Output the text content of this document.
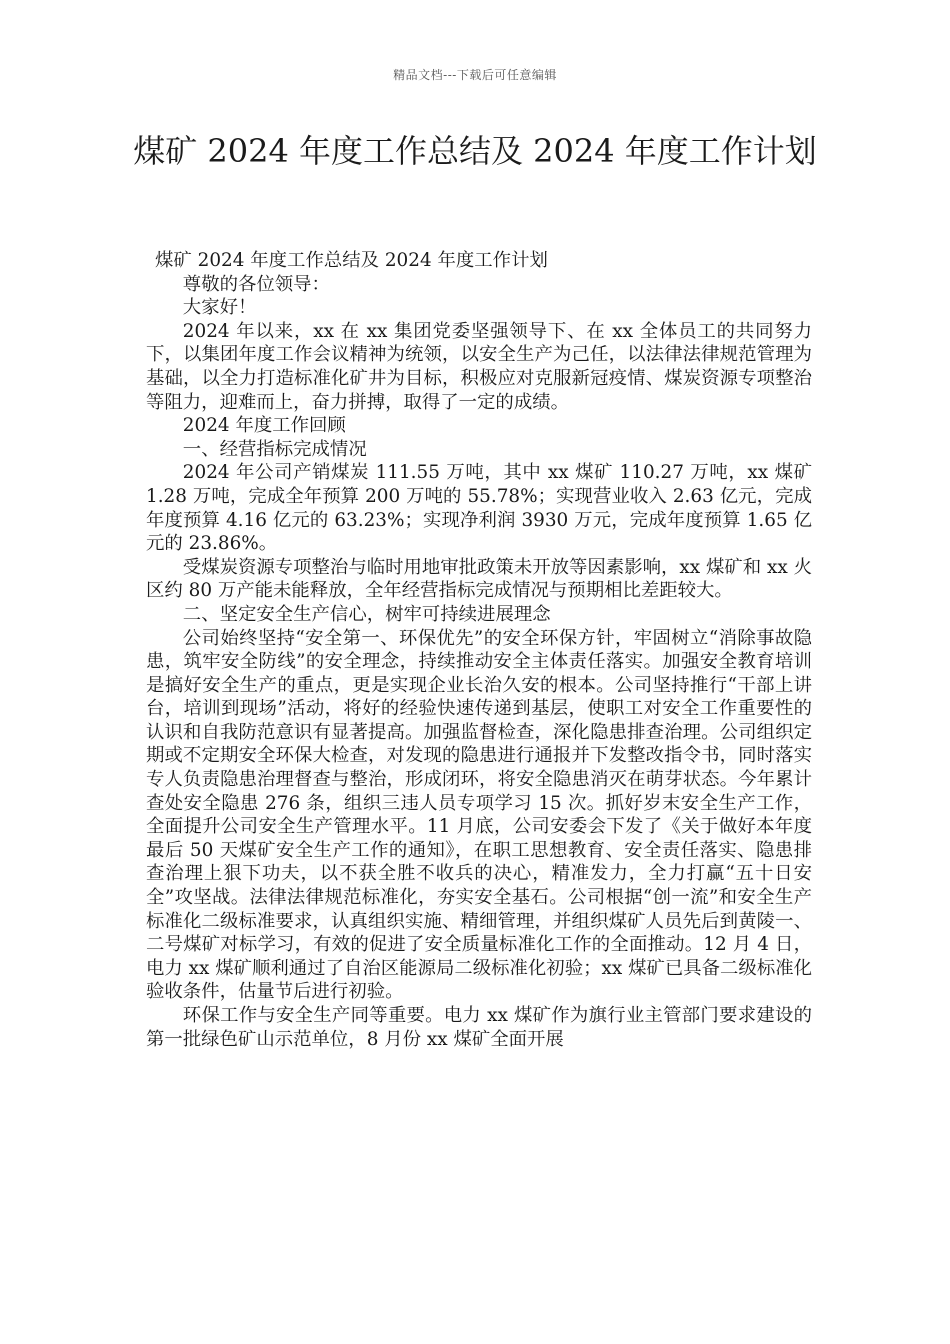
精品文档---下载后可任意编辑
煤矿 2024 年度工作总结及 2024 年度工作计划

煤矿 2024 年度工作总结及 2024 年度工作计划

尊敬的各位领导：

大家好！

2024 年以来，xx 在 xx 集团党委坚强领导下、在 xx 全体员工的共同努力下，以集团年度工作会议精神为统领，以安全生产为己任，以法律法律规范管理为基础，以全力打造标准化矿井为目标，积极应对克服新冠疫情、煤炭资源专项整治等阻力，迎难而上，奋力拼搏，取得了一定的成绩。

2024 年度工作回顾

一、经营指标完成情况

2024 年公司产销煤炭 111.55 万吨，其中 xx 煤矿 110.27 万吨，xx 煤矿 1.28 万吨，完成全年预算 200 万吨的 55.78%；实现营业收入 2.63 亿元，完成年度预算 4.16 亿元的 63.23%；实现净利润 3930 万元，完成年度预算 1.65 亿元的 23.86%。

受煤炭资源专项整治与临时用地审批政策未开放等因素影响，xx 煤矿和 xx 火区约 80 万产能未能释放，全年经营指标完成情况与预期相比差距较大。

二、坚定安全生产信心，树牢可持续进展理念

公司始终坚持“安全第一、环保优先”的安全环保方针，牢固树立“消除事故隐患，筑牢安全防线”的安全理念，持续推动安全主体责任落实。加强安全教育培训是搞好安全生产的重点，更是实现企业长治久安的根本。公司坚持推行“干部上讲台，培训到现场”活动，将好的经验快速传递到基层，使职工对安全工作重要性的认识和自我防范意识有显著提高。加强监督检查，深化隐患排查治理。公司组织定期或不定期安全环保大检查，对发现的隐患进行通报并下发整改指令书，同时落实专人负责隐患治理督查与整治，形成闭环，将安全隐患消灭在萌芽状态。今年累计查处安全隐患 276 条，组织三违人员专项学习 15 次。抓好岁末安全生产工作，全面提升公司安全生产管理水平。11 月底，公司安委会下发了《关于做好本年度最后 50 天煤矿安全生产工作的通知》，在职工思想教育、安全责任落实、隐患排查治理上狠下功夫，以不获全胜不收兵的决心，精准发力，全力打赢“五十日安全”攻坚战。法律法律规范标准化，夯实安全基石。公司根据“创一流”和安全生产标准化二级标准要求，认真组织实施、精细管理，并组织煤矿人员先后到黄陵一、二号煤矿对标学习，有效的促进了安全质量标准化工作的全面推动。12 月 4 日，电力 xx 煤矿顺利通过了自治区能源局二级标准化初验；xx 煤矿已具备二级标准化验收条件，估量节后进行初验。

环保工作与安全生产同等重要。电力 xx 煤矿作为旗行业主管部门要求建设的第一批绿色矿山示范单位，8 月份 xx 煤矿全面开展
